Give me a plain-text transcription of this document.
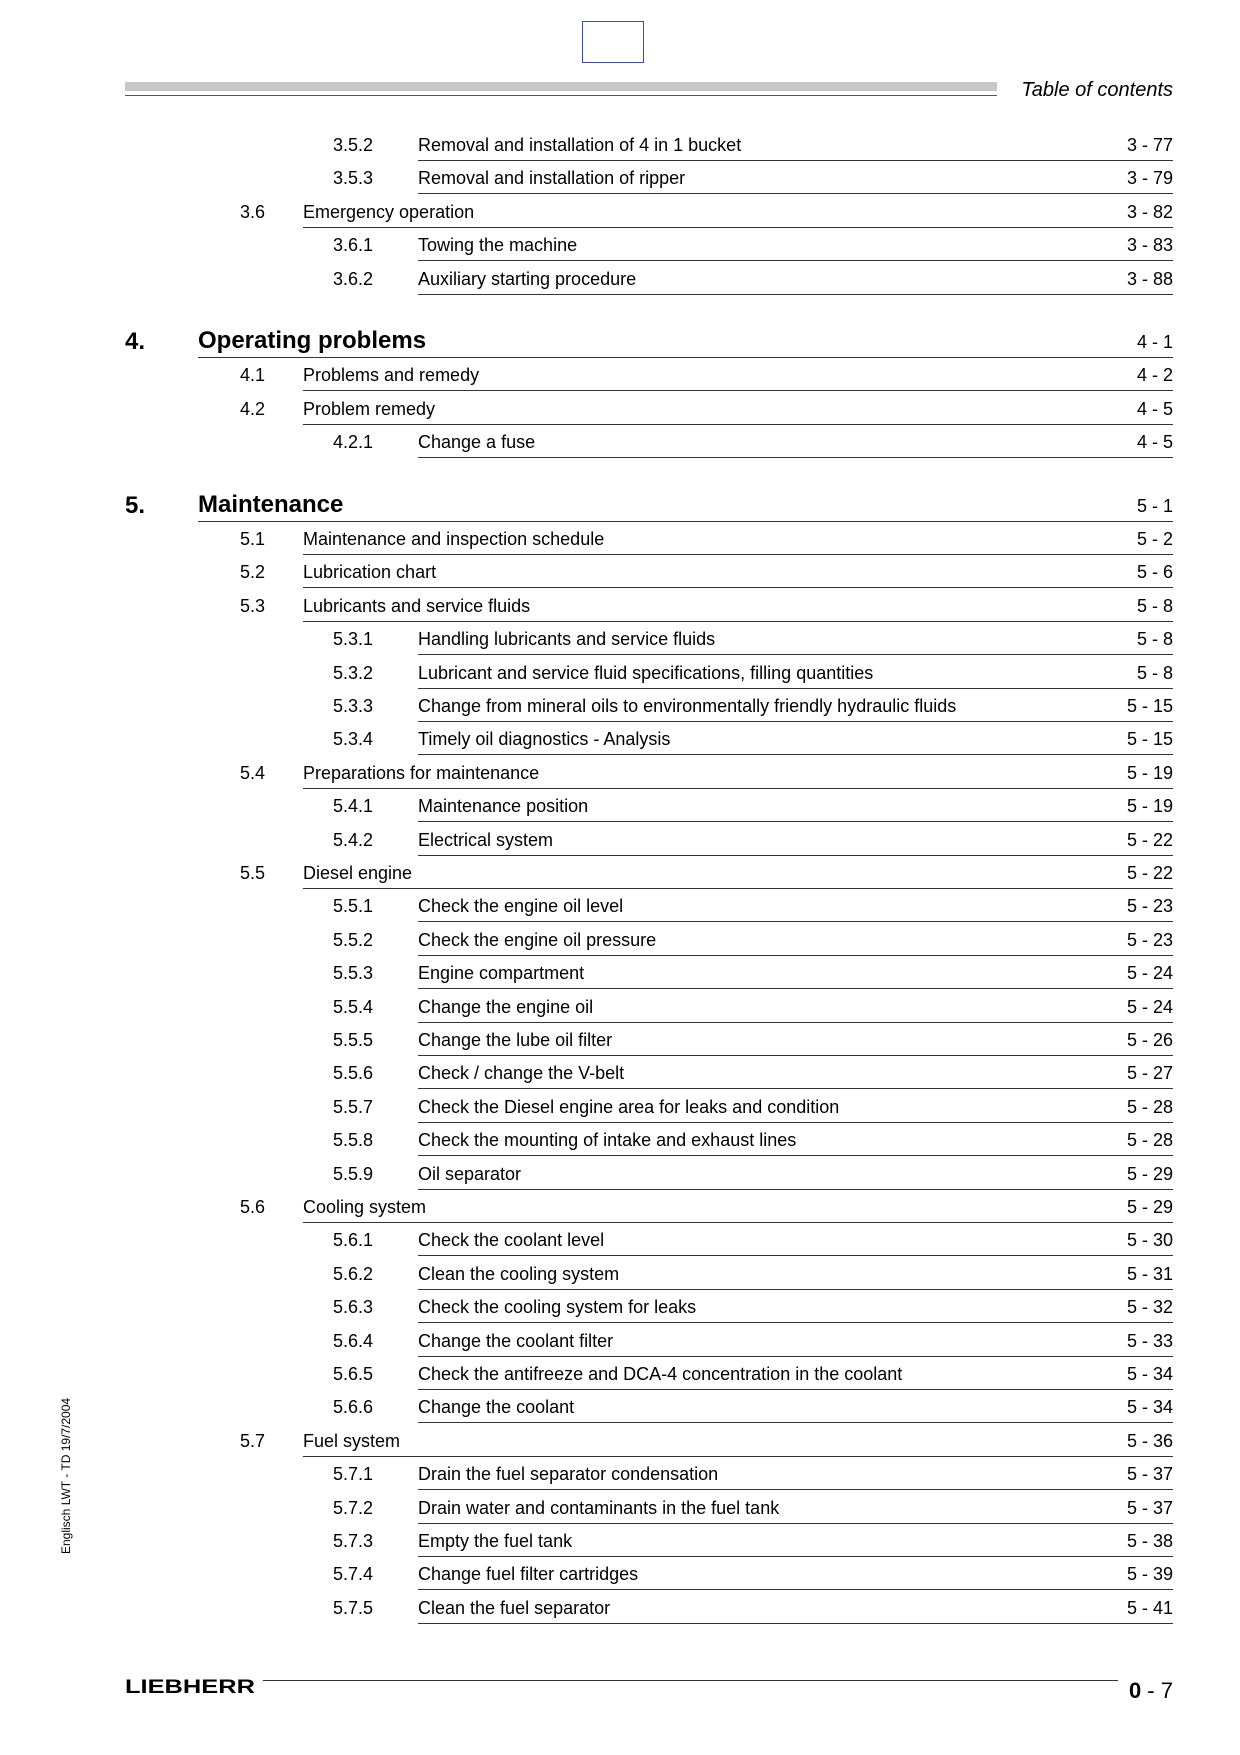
Table of contents
3.5.2 Removal and installation of 4 in 1 bucket	3 - 77
3.5.3 Removal and installation of ripper	3 - 79
3.6 Emergency operation	3 - 82
3.6.1 Towing the machine	3 - 83
3.6.2 Auxiliary starting procedure	3 - 88
4. Operating problems	4 - 1
4.1 Problems and remedy	4 - 2
4.2 Problem remedy	4 - 5
4.2.1 Change a fuse	4 - 5
5. Maintenance	5 - 1
5.1 Maintenance and inspection schedule	5 - 2
5.2 Lubrication chart	5 - 6
5.3 Lubricants and service fluids	5 - 8
5.3.1 Handling lubricants and service fluids	5 - 8
5.3.2 Lubricant and service fluid specifications, filling quantities	5 - 8
5.3.3 Change from mineral oils to environmentally friendly hydraulic fluids	5 - 15
5.3.4 Timely oil diagnostics - Analysis	5 - 15
5.4 Preparations for maintenance	5 - 19
5.4.1 Maintenance position	5 - 19
5.4.2 Electrical system	5 - 22
5.5 Diesel engine	5 - 22
5.5.1 Check the engine oil level	5 - 23
5.5.2 Check the engine oil pressure	5 - 23
5.5.3 Engine compartment	5 - 24
5.5.4 Change the engine oil	5 - 24
5.5.5 Change the lube oil filter	5 - 26
5.5.6 Check / change the V-belt	5 - 27
5.5.7 Check the Diesel engine area for leaks and condition	5 - 28
5.5.8 Check the mounting of intake and exhaust lines	5 - 28
5.5.9 Oil separator	5 - 29
5.6 Cooling system	5 - 29
5.6.1 Check the coolant level	5 - 30
5.6.2 Clean the cooling system	5 - 31
5.6.3 Check the cooling system for leaks	5 - 32
5.6.4 Change the coolant filter	5 - 33
5.6.5 Check the antifreeze and DCA-4 concentration in the coolant	5 - 34
5.6.6 Change the coolant	5 - 34
5.7 Fuel system	5 - 36
5.7.1 Drain the fuel separator condensation	5 - 37
5.7.2 Drain water and contaminants in the fuel tank	5 - 37
5.7.3 Empty the fuel tank	5 - 38
5.7.4 Change fuel filter cartridges	5 - 39
5.7.5 Clean the fuel separator	5 - 41
Englisch LWT - TD 19/7/2004
LIEBHERR	0 - 7
